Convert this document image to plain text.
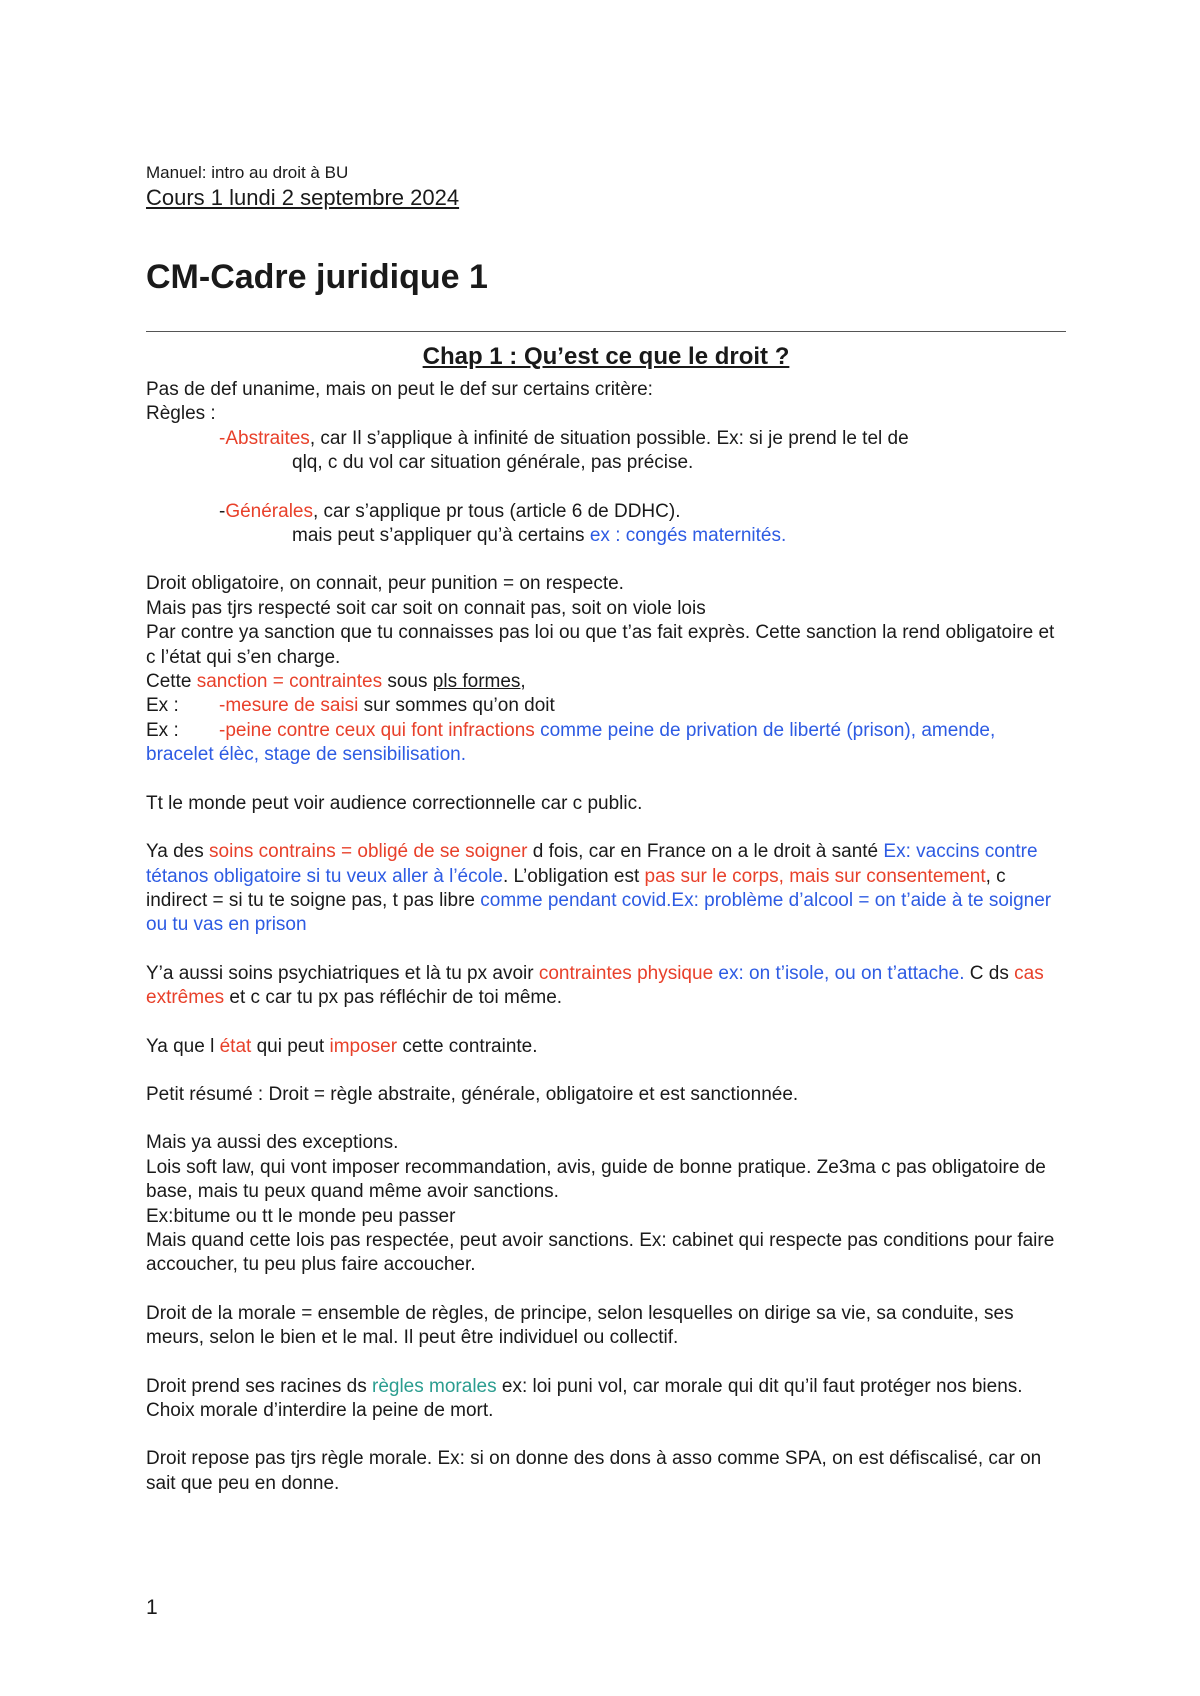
Manuel: intro au droit à BU
Cours 1 lundi 2 septembre 2024
CM-Cadre juridique 1
Chap 1 : Qu’est ce que le droit ?

Pas de def unanime, mais on peut le def sur certains critère:

Règles :

-Abstraites, car Il s’applique à infinité de situation possible. Ex: si je prend le tel de

qlq, c du vol car situation générale, pas précise.

-Générales, car s’applique pr tous (article 6 de DDHC).

mais peut s’appliquer qu’à certains ex : congés maternités.

Droit obligatoire, on connait, peur punition = on respecte.

Mais pas tjrs respecté soit car soit on connait pas, soit on viole lois

Par contre ya sanction que tu connaisses pas loi ou que t’as fait exprès. Cette sanction la rend obligatoire et c l’état qui s’en charge.

Cette sanction = contraintes sous pls formes,

Ex : -mesure de saisi sur sommes qu’on doit

Ex : -peine contre ceux qui font infractions comme peine de privation de liberté (prison), amende, bracelet élèc, stage de sensibilisation.

Tt le monde peut voir audience correctionnelle car c public.

Ya des soins contrains = obligé de se soigner d fois, car en France on a le droit à santé Ex: vaccins contre tétanos obligatoire si tu veux aller à l’école. L’obligation est pas sur le corps, mais sur consentement, c indirect = si tu te soigne pas, t pas libre comme pendant covid.Ex: problème d’alcool = on t’aide à te soigner ou tu vas en prison

Y’a aussi soins psychiatriques et là tu px avoir contraintes physique ex: on t’isole, ou on t’attache. C ds cas extrêmes et c car tu px pas réfléchir de toi même.

Ya que l état qui peut imposer cette contrainte.

Petit résumé : Droit = règle abstraite, générale, obligatoire et est sanctionnée.

Mais ya aussi des exceptions.

Lois soft law, qui vont imposer recommandation, avis, guide de bonne pratique. Ze3ma c pas obligatoire de base, mais tu peux quand même avoir sanctions.

Ex:bitume ou tt le monde peu passer

Mais quand cette lois pas respectée, peut avoir sanctions. Ex: cabinet qui respecte pas conditions pour faire accoucher, tu peu plus faire accoucher.

Droit de la morale = ensemble de règles, de principe, selon lesquelles on dirige sa vie, sa conduite, ses meurs, selon le bien et le mal. Il peut être individuel ou collectif.

Droit prend ses racines ds règles morales ex: loi puni vol, car morale qui dit qu’il faut protéger nos biens.

Choix morale d’interdire la peine de mort.

Droit repose pas tjrs règle morale. Ex: si on donne des dons à asso comme SPA, on est défiscalisé, car on sait que peu en donne.

1
